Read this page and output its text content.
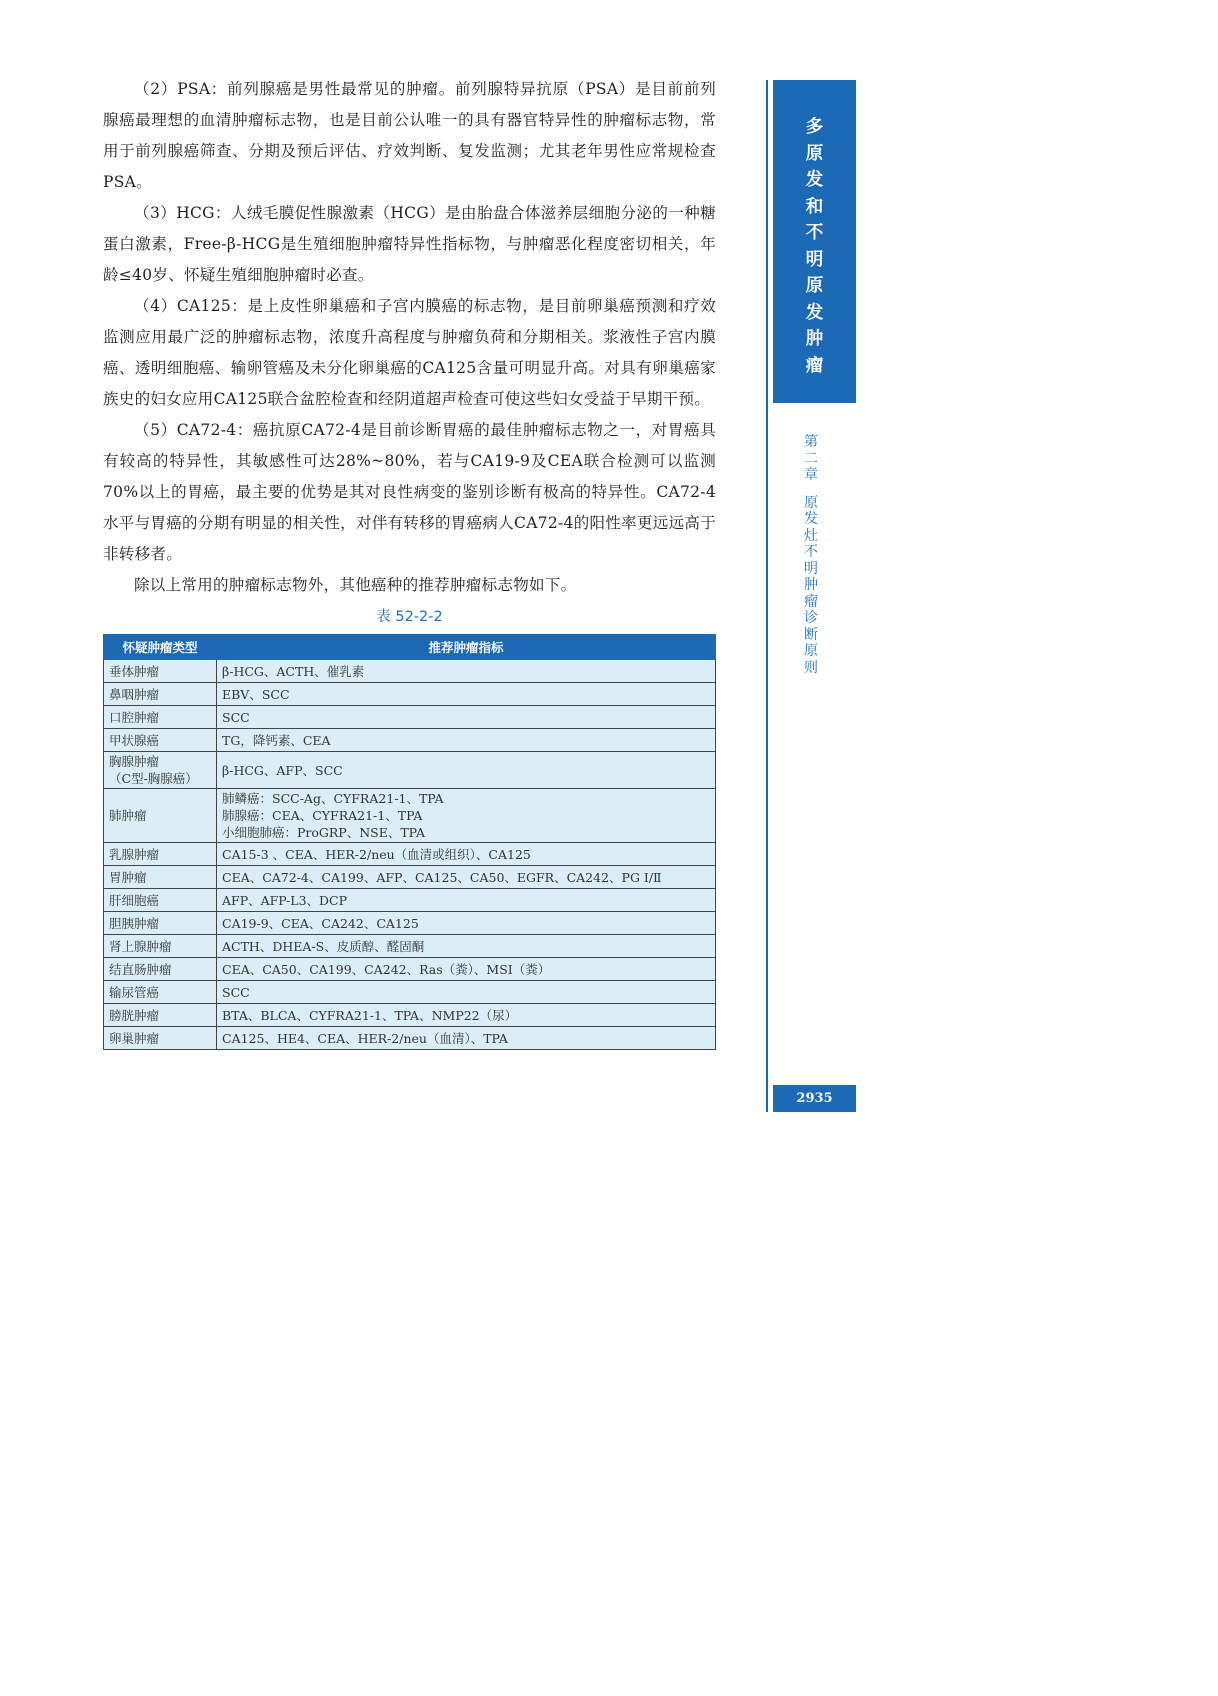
（2）PSA：前列腺癌是男性最常见的肿瘤。前列腺特异抗原（PSA）是目前前列腺癌最理想的血清肿瘤标志物，也是目前公认唯一的具有器官特异性的肿瘤标志物，常用于前列腺癌筛查、分期及预后评估、疗效判断、复发监测；尤其老年男性应常规检查PSA。

（3）HCG：人绒毛膜促性腺激素（HCG）是由胎盘合体滋养层细胞分泌的一种糖蛋白激素，Free-β-HCG是生殖细胞肿瘤特异性指标物，与肿瘤恶化程度密切相关，年龄≤40岁、怀疑生殖细胞肿瘤时必查。

（4）CA125：是上皮性卵巢癌和子宫内膜癌的标志物，是目前卵巢癌预测和疗效监测应用最广泛的肿瘤标志物，浓度升高程度与肿瘤负荷和分期相关。浆液性子宫内膜癌、透明细胞癌、输卵管癌及未分化卵巢癌的CA125含量可明显升高。对具有卵巢癌家族史的妇女应用CA125联合盆腔检查和经阴道超声检查可使这些妇女受益于早期干预。

（5）CA72-4：癌抗原CA72-4是目前诊断胃癌的最佳肿瘤标志物之一，对胃癌具有较高的特异性，其敏感性可达28%~80%，若与CA19-9及CEA联合检测可以监测70%以上的胃癌，最主要的优势是其对良性病变的鉴别诊断有极高的特异性。CA72-4水平与胃癌的分期有明显的相关性，对伴有转移的胃癌病人CA72-4的阳性率更远远高于非转移者。

除以上常用的肿瘤标志物外，其他癌种的推荐肿瘤标志物如下。

表 52-2-2
怀疑肿瘤类型	推荐肿瘤指标
垂体肿瘤	β-HCG、ACTH、催乳素
鼻咽肿瘤	EBV、SCC
口腔肿瘤	SCC
甲状腺癌	TG，降钙素、CEA
胸腺肿瘤
（C型-胸腺癌）	β-HCG、AFP、SCC
肺肿瘤	肺鳞癌：SCC-Ag、CYFRA21-1、TPA
肺腺癌：CEA、CYFRA21-1、TPA
小细胞肺癌：ProGRP、NSE、TPA
乳腺肿瘤	CA15-3 、CEA、HER-2/neu（血清或组织）、CA125
胃肿瘤	CEA、CA72-4、CA199、AFP、CA125、CA50、EGFR、CA242、PG Ⅰ/Ⅱ
肝细胞癌	AFP、AFP-L3、DCP
胆胰肿瘤	CA19-9、CEA、CA242、CA125
肾上腺肿瘤	ACTH、DHEA-S、皮质醇、醛固酮
结直肠肿瘤	CEA、CA50、CA199、CA242、Ras（粪）、MSI（粪）
输尿管癌	SCC
膀胱肿瘤	BTA、BLCA、CYFRA21-1、TPA、NMP22（尿）
卵巢肿瘤	CA125、HE4、CEA、HER-2/neu（血清）、TPA
多
原
发
和
不
明
原
发
肿
瘤
第
二
章
原
发
灶
不
明
肿
瘤
诊
断
原
则
2935
